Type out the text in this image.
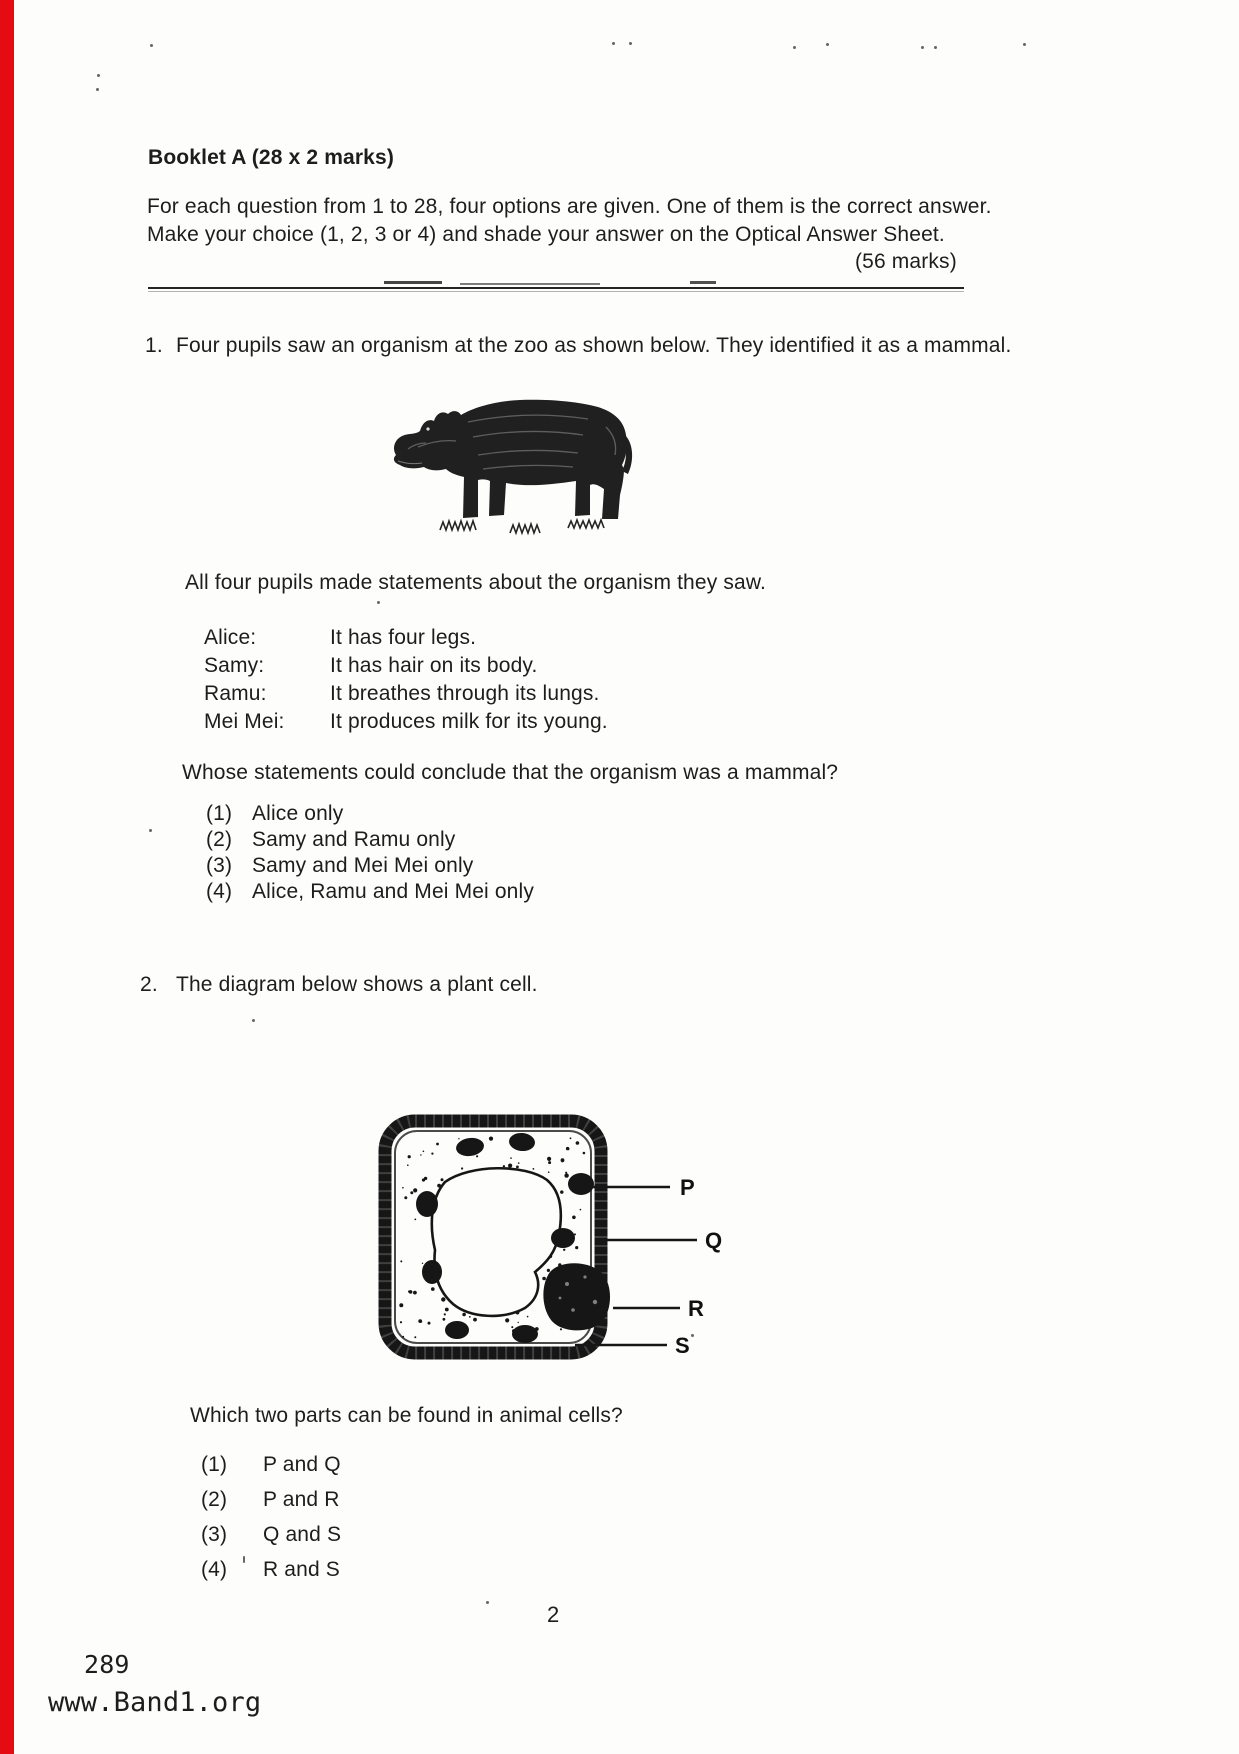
Booklet A (28 x 2 marks)
For each question from 1 to 28, four options are given. One of them is the correct answer.
Make your choice (1, 2, 3 or 4) and shade your answer on the Optical Answer Sheet.
(56 marks)
1. Four pupils saw an organism at the zoo as shown below. They identified it as a mammal.
All four pupils made statements about the organism they saw.
Alice:	It has four legs.
Samy:	It has hair on its body.
Ramu:	It breathes through its lungs.
Mei Mei: It produces milk for its young.
Whose statements could conclude that the organism was a mammal?
(1) Alice only
(2) Samy and Ramu only
(3) Samy and Mei Mei only
(4) Alice, Ramu and Mei Mei only
2. The diagram below shows a plant cell.
P
Q
R
S
Which two parts can be found in animal cells?
(1) P and Q
(2) P and R
(3) Q and S
(4) R and S
2
289
www.Band1.org
